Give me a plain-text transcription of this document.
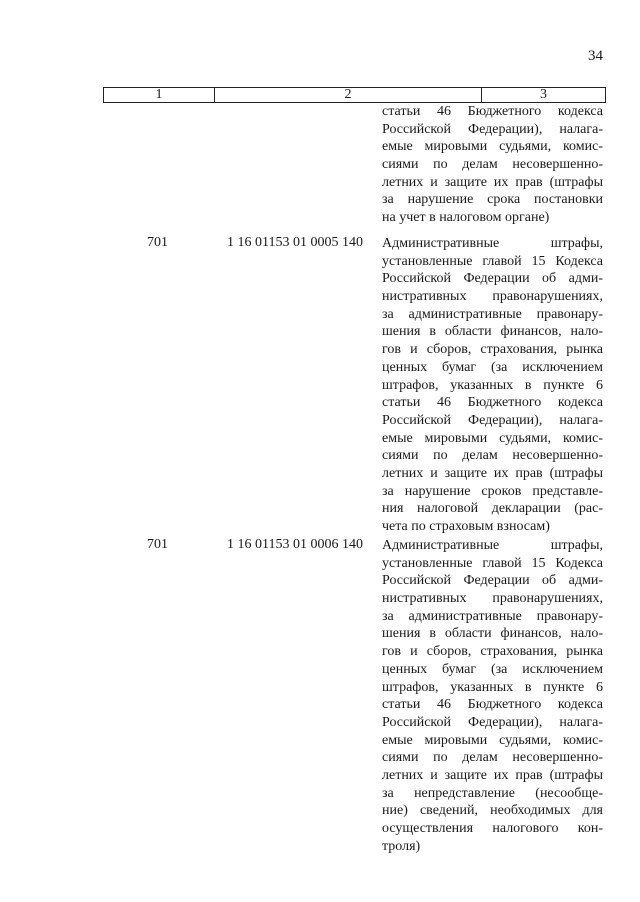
34
1	2	3
статьи 46 Бюджетного кодекса
Российской Федерации), налага-
емые мировыми судьями, комис-
сиями по делам несовершенно-
летних и защите их прав (штрафы
за нарушение срока постановки
на учет в налоговом органе)
701	1 16 01153 01 0005 140 Административные штрафы,
установленные главой 15 Кодекса
Российской Федерации об адми-
нистративных правонарушениях,
за административные правонару-
шения в области финансов, нало-
гов и сборов, страхования, рынка
ценных бумаг (за исключением
штрафов, указанных в пункте 6
статьи 46 Бюджетного кодекса
Российской Федерации), налага-
емые мировыми судьями, комис-
сиями по делам несовершенно-
летних и защите их прав (штрафы
за нарушение сроков представле-
ния налоговой декларации (рас-
чета по страховым взносам)
701	1 16 01153 01 0006 140 Административные штрафы,
установленные главой 15 Кодекса
Российской Федерации об адми-
нистративных правонарушениях,
за административные правонару-
шения в области финансов, нало-
гов и сборов, страхования, рынка
ценных бумаг (за исключением
штрафов, указанных в пункте 6
статьи 46 Бюджетного кодекса
Российской Федерации), налага-
емые мировыми судьями, комис-
сиями по делам несовершенно-
летних и защите их прав (штрафы
за непредставление (несообще-
ние) сведений, необходимых для
осуществления налогового кон-
троля)
